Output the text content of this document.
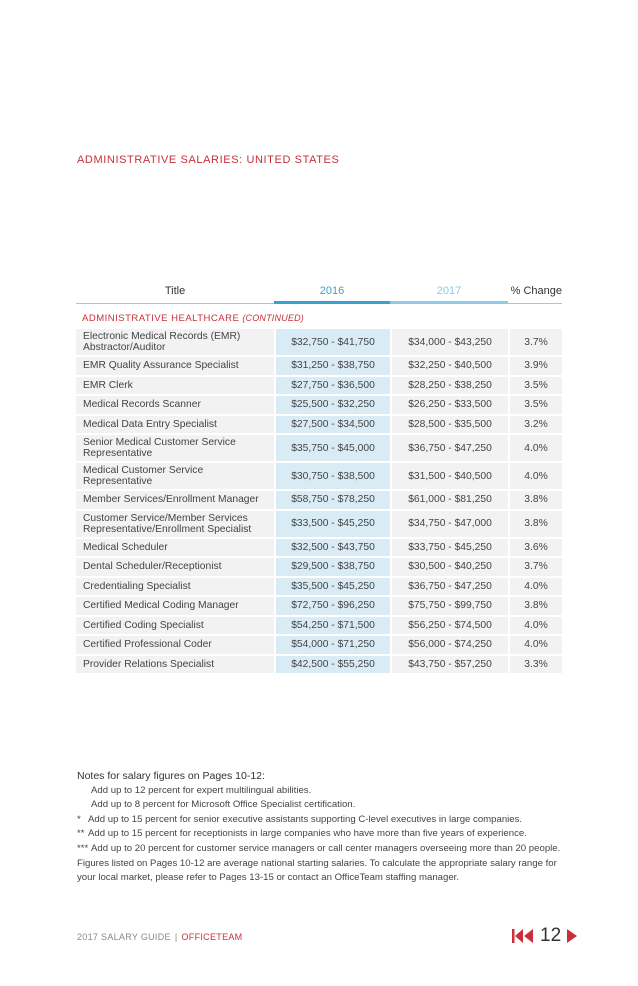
ADMINISTRATIVE SALARIES: UNITED STATES
Title	2016	2017	% Change
ADMINISTRATIVE HEALTHCARE (CONTINUED)
Electronic Medical Records (EMR) Abstractor/Auditor	$32,750 - $41,750	$34,000 - $43,250	3.7%
EMR Quality Assurance Specialist	$31,250 - $38,750	$32,250 - $40,500	3.9%
EMR Clerk	$27,750 - $36,500	$28,250 - $38,250	3.5%
Medical Records Scanner	$25,500 - $32,250	$26,250 - $33,500	3.5%
Medical Data Entry Specialist	$27,500 - $34,500	$28,500 - $35,500	3.2%
Senior Medical Customer Service Representative	$35,750 - $45,000	$36,750 - $47,250	4.0%
Medical Customer Service Representative	$30,750 - $38,500	$31,500 - $40,500	4.0%
Member Services/Enrollment Manager	$58,750 - $78,250	$61,000 - $81,250	3.8%
Customer Service/Member Services Representative/Enrollment Specialist	$33,500 - $45,250	$34,750 - $47,000	3.8%
Medical Scheduler	$32,500 - $43,750	$33,750 - $45,250	3.6%
Dental Scheduler/Receptionist	$29,500 - $38,750	$30,500 - $40,250	3.7%
Credentialing Specialist	$35,500 - $45,250	$36,750 - $47,250	4.0%
Certified Medical Coding Manager	$72,750 - $96,250	$75,750 - $99,750	3.8%
Certified Coding Specialist	$54,250 - $71,500	$56,250 - $74,500	4.0%
Certified Professional Coder	$54,000 - $71,250	$56,000 - $74,250	4.0%
Provider Relations Specialist	$42,500 - $55,250	$43,750 - $57,250	3.3%
Notes for salary figures on Pages 10-12:
Add up to 12 percent for expert multilingual abilities.
Add up to 8 percent for Microsoft Office Specialist certification.
* Add up to 15 percent for senior executive assistants supporting C-level executives in large companies.
** Add up to 15 percent for receptionists in large companies who have more than five years of experience.
*** Add up to 20 percent for customer service managers or call center managers overseeing more than 20 people.
Figures listed on Pages 10-12 are average national starting salaries. To calculate the appropriate salary range for your local market, please refer to Pages 13-15 or contact an OfficeTeam staffing manager.
2017 SALARY GUIDE | OFFICETEAM	12
